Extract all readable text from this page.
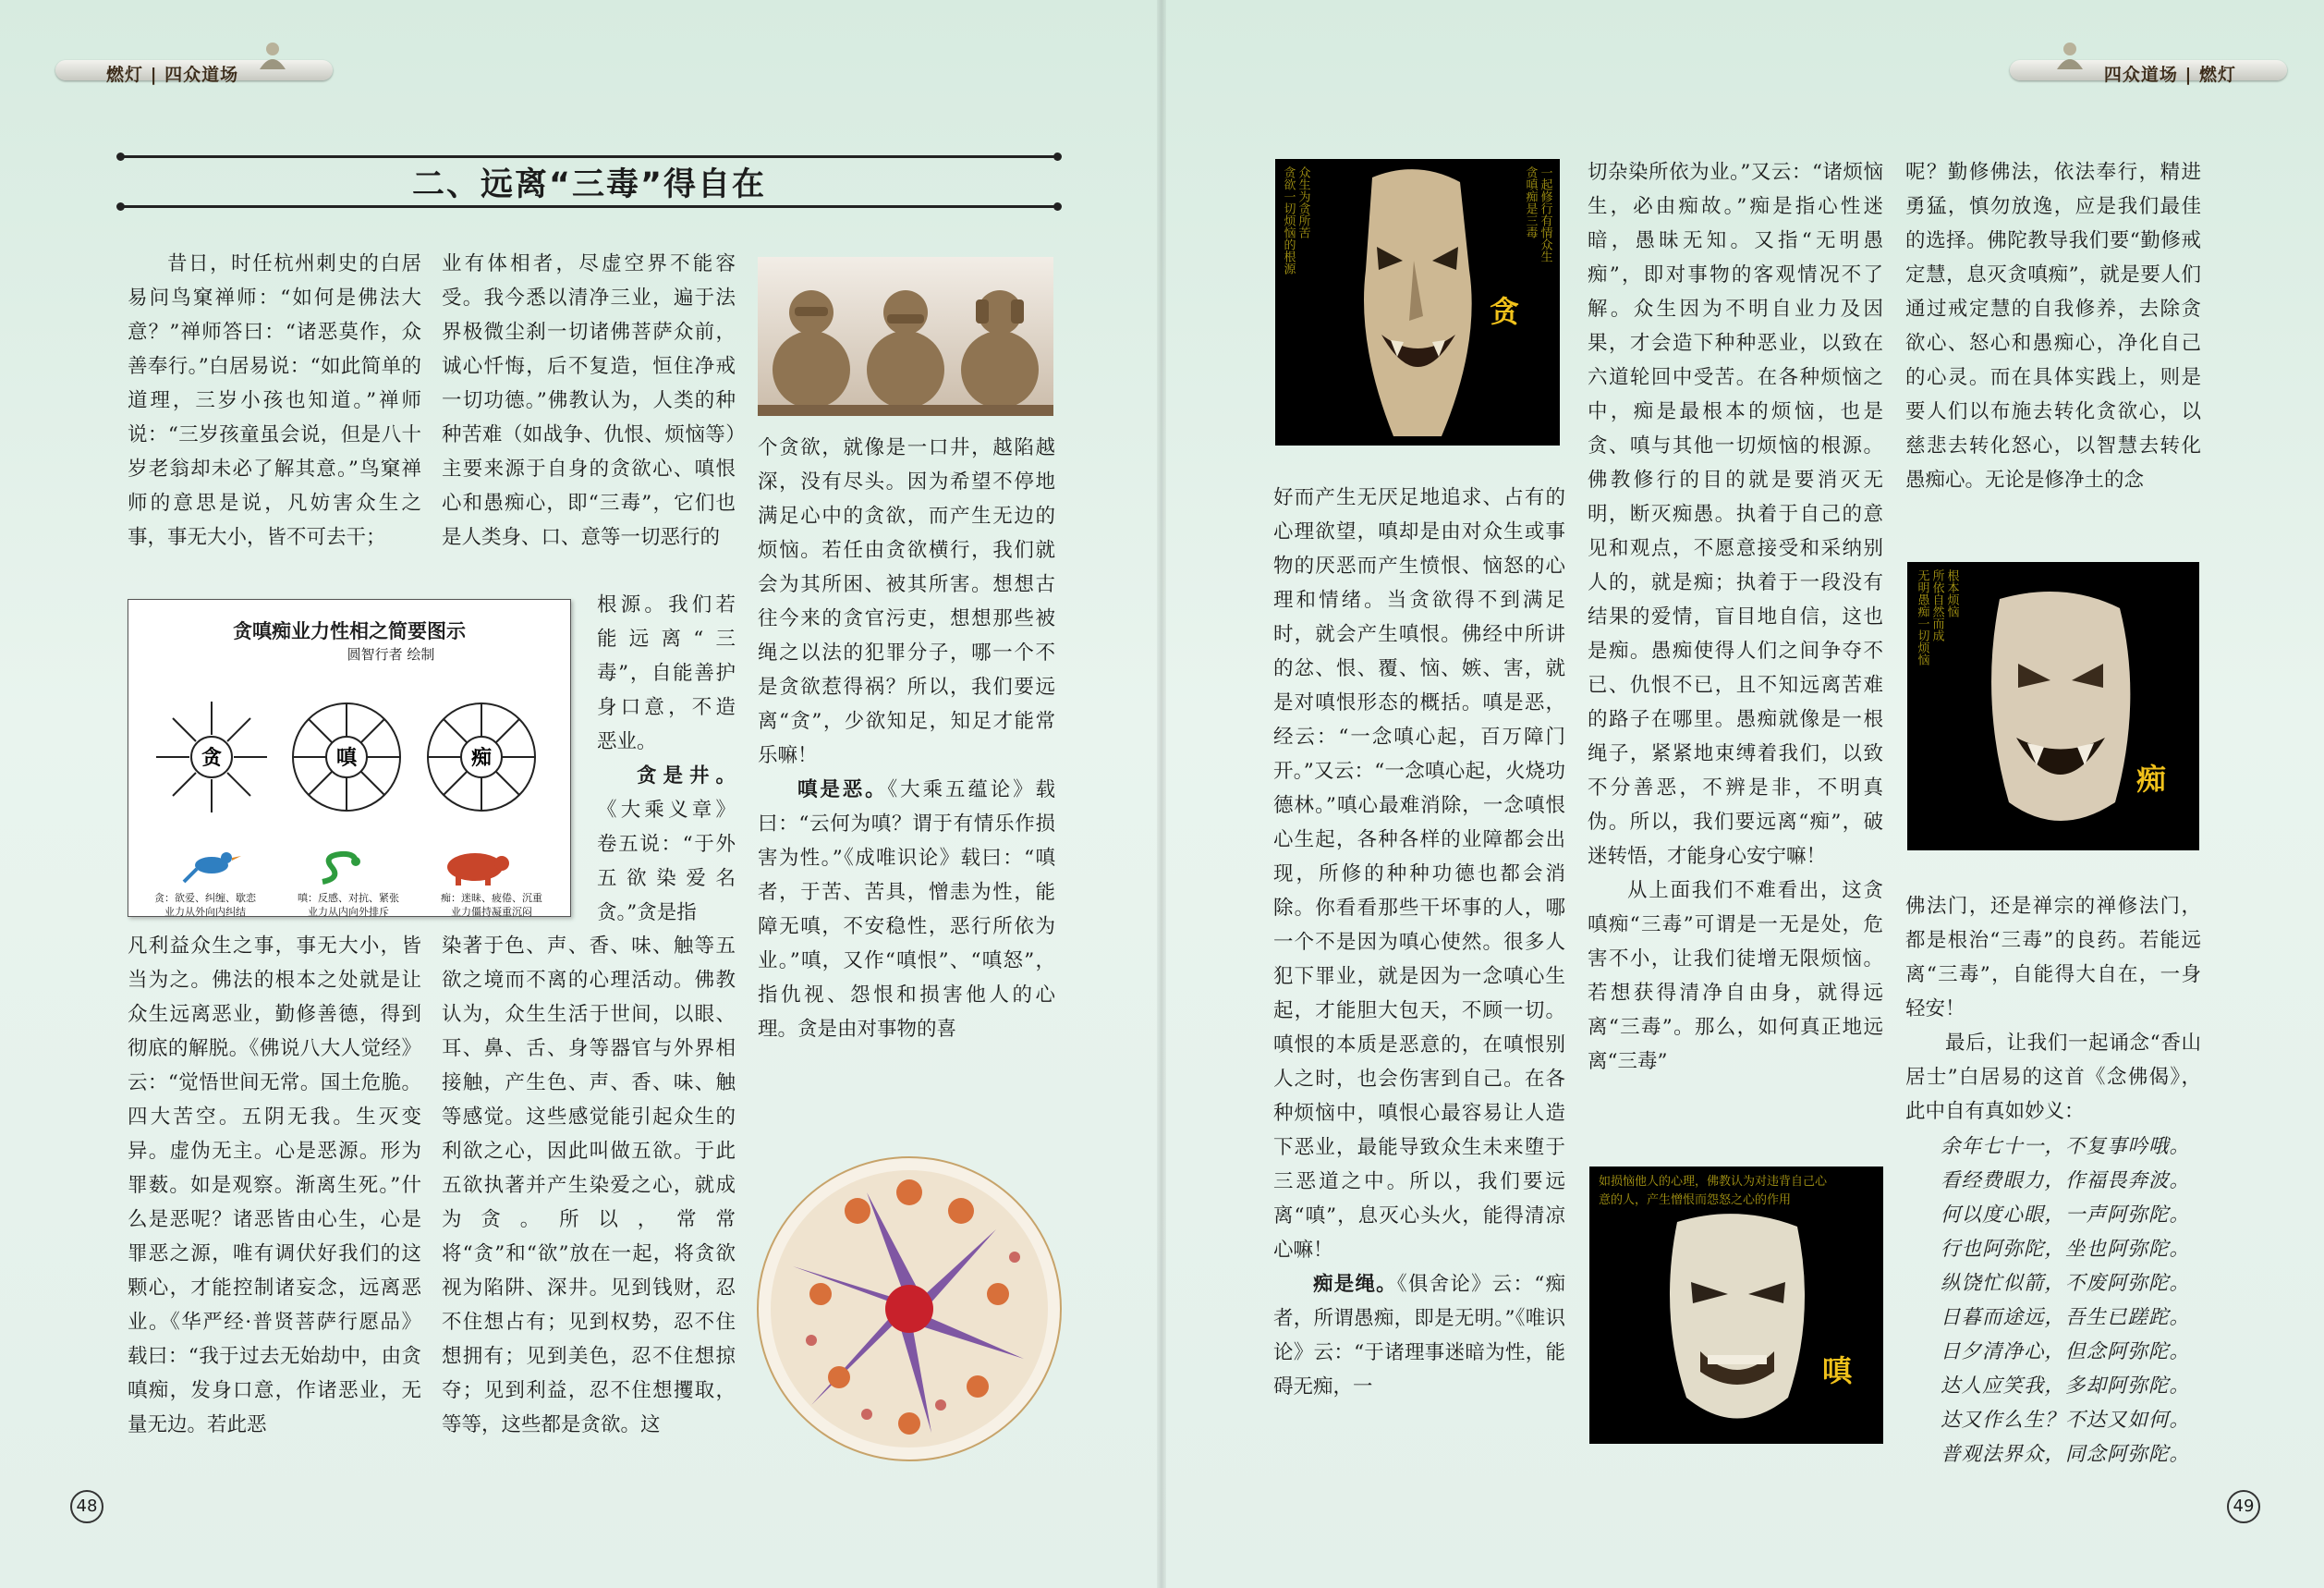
燃灯 | 四众道场	四众道场 | 燃灯
二、远离“三毒”得自在

昔日，时任杭州刺史的白居易问鸟窠禅师：“如何是佛法大意？”禅师答曰：“诸恶莫作，众善奉行。”白居易说：“如此简单的道理，三岁小孩也知道。”禅师说：“三岁孩童虽会说，但是八十岁老翁却未必了解其意。”鸟窠禅师的意思是说，凡妨害众生之事，事无大小，皆不可去干；

业有体相者，尽虚空界不能容受。我今悉以清净三业，遍于法界极微尘刹一切诸佛菩萨众前，诚心忏悔，后不复造，恒住净戒一切功德。”佛教认为，人类的种种苦难（如战争、仇恨、烦恼等）主要来源于自身的贪欲心、嗔恨心和愚痴心，即“三毒”，它们也是人类身、口、意等一切恶行的

根源。我们若能远离“三毒”，自能善护身口意，不造恶业。

贪是井。《大乘义章》卷五说：“于外五欲染爱名贪。”贪是指

凡利益众生之事，事无大小，皆当为之。佛法的根本之处就是让众生远离恶业，勤修善德，得到彻底的解脱。《佛说八大人觉经》云：“觉悟世间无常。国土危脆。四大苦空。五阴无我。生灭变异。虚伪无主。心是恶源。形为罪薮。如是观察。渐离生死。”什么是恶呢？诸恶皆由心生，心是罪恶之源，唯有调伏好我们的这颗心，才能控制诸妄念，远离恶业。《华严经·普贤菩萨行愿品》载曰：“我于过去无始劫中，由贪嗔痴，发身口意，作诸恶业，无量无边。若此恶

染著于色、声、香、味、触等五欲之境而不离的心理活动。佛教认为，众生生活于世间，以眼、耳、鼻、舌、身等器官与外界相接触，产生色、声、香、味、触等感觉。这些感觉能引起众生的利欲之心，因此叫做五欲。于此五欲执著并产生染爱之心，就成为贪。所以，常常将“贪”和“欲”放在一起，将贪欲视为陷阱、深井。见到钱财，忍不住想占有；见到权势，忍不住想拥有；见到美色，忍不住想掠夺；见到利益，忍不住想攫取，等等，这些都是贪欲。这

个贪欲，就像是一口井，越陷越深，没有尽头。因为希望不停地满足心中的贪欲，而产生无边的烦恼。若任由贪欲横行，我们就会为其所困、被其所害。想想古往今来的贪官污吏，想想那些被绳之以法的犯罪分子，哪一个不是贪欲惹得祸？所以，我们要远离“贪”，少欲知足，知足才能常乐嘛！

嗔是恶。《大乘五蕴论》载曰：“云何为嗔？谓于有情乐作损害为性。”《成唯识论》载曰：“嗔者，于苦、苦具，憎恚为性，能障无嗔，不安稳性，恶行所依为业。”嗔，又作“嗔恨”、“嗔怒”，指仇视、怨恨和损害他人的心理。贪是由对事物的喜

贪嗔痴业力性相之简要图示
圆智行者 绘制
贪	嗔	痴
贪：欲爱、纠缠、歇恋
业力从外向内纠结
嗔：反感、对抗、紧张
业力从内向外排斥
痴：迷昧、疲倦、沉重
业力僵持凝重沉闷
48
贪欲一切烦恼的根源 众生为贪所苦	一起修行有情众生
贪嗔痴是三毒
贪

好而产生无厌足地追求、占有的心理欲望，嗔却是由对众生或事物的厌恶而产生愤恨、恼怒的心理和情绪。当贪欲得不到满足时，就会产生嗔恨。佛经中所讲的忿、恨、覆、恼、嫉、害，就是对嗔恨形态的概括。嗔是恶，经云：“一念嗔心起，百万障门开。”又云：“一念嗔心起，火烧功德林。”嗔心最难消除，一念嗔恨心生起，各种各样的业障都会出现，所修的种种功德也都会消除。你看看那些干坏事的人，哪一个不是因为嗔心使然。很多人犯下罪业，就是因为一念嗔心生起，才能胆大包天，不顾一切。嗔恨的本质是恶意的，在嗔恨别人之时，也会伤害到自己。在各种烦恼中，嗔恨心最容易让人造下恶业，最能导致众生未来堕于三恶道之中。所以，我们要远离“嗔”，息灭心头火，能得清凉心嘛！

痴是绳。《俱舍论》云：“痴者，所谓愚痴，即是无明。”《唯识论》云：“于诸理事迷暗为性，能碍无痴，一

切杂染所依为业。”又云：“诸烦恼生，必由痴故。”痴是指心性迷暗，愚昧无知。又指“无明愚痴”，即对事物的客观情况不了解。众生因为不明自业力及因果，才会造下种种恶业，以致在六道轮回中受苦。在各种烦恼之中，痴是最根本的烦恼，也是贪、嗔与其他一切烦恼的根源。佛教修行的目的就是要消灭无明，断灭痴愚。执着于自己的意见和观点，不愿意接受和采纳别人的，就是痴；执着于一段没有结果的爱情，盲目地自信，这也是痴。愚痴使得人们之间争夺不已、仇恨不已，且不知远离苦难的路子在哪里。愚痴就像是一根绳子，紧紧地束缚着我们，以致不分善恶，不辨是非，不明真伪。所以，我们要远离“痴”，破迷转悟，才能身心安宁嘛！

从上面我们不难看出，这贪嗔痴“三毒”可谓是一无是处，危害不小，让我们徒增无限烦恼。若想获得清净自由身，就得远离“三毒”。那么，如何真正地远离“三毒”

如损恼他人的心理，佛教认为对违背自己心
意的人，产生憎恨而怨怒之心的作用
嗔

呢？勤修佛法，依法奉行，精进勇猛，慎勿放逸，应是我们最佳的选择。佛陀教导我们要“勤修戒定慧，息灭贪嗔痴”，就是要人们通过戒定慧的自我修养，去除贪欲心、怒心和愚痴心，净化自己的心灵。而在具体实践上，则是要人们以布施去转化贪欲心，以慈悲去转化怒心，以智慧去转化愚痴心。无论是修净土的念

无明愚痴一切烦恼 所依自然而成 根本烦恼
痴

佛法门，还是禅宗的禅修法门，都是根治“三毒”的良药。若能远离“三毒”，自能得大自在，一身轻安！

最后，让我们一起诵念“香山居士”白居易的这首《念佛偈》，此中自有真如妙义：

余年七十一，不复事吟哦。

看经费眼力，作福畏奔波。

何以度心眼，一声阿弥陀。

行也阿弥陀，坐也阿弥陀。

纵饶忙似箭，不废阿弥陀。

日暮而途远，吾生已蹉跎。

日夕清净心，但念阿弥陀。

达人应笑我，多却阿弥陀。

达又作么生？不达又如何。

普观法界众，同念阿弥陀。

49
